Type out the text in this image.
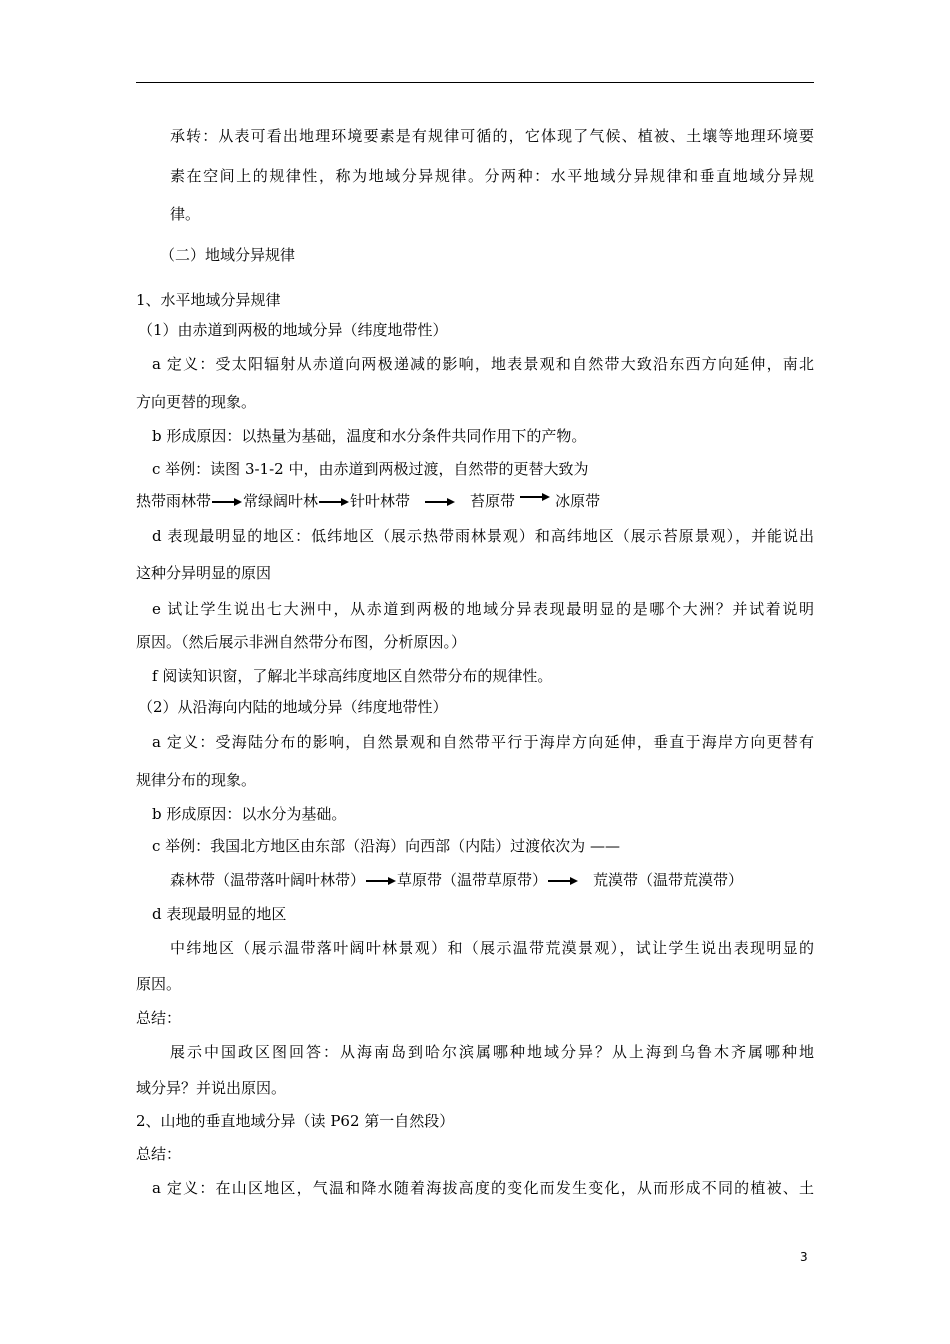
承转：从表可看出地理环境要素是有规律可循的，它体现了气候、植被、土壤等地理环境要
素在空间上的规律性，称为地域分异规律。分两种：水平地域分异规律和垂直地域分异规
律。
（二）地域分异规律
1、水平地域分异规律
（1）由赤道到两极的地域分异（纬度地带性）
a 定义：受太阳辐射从赤道向两极递减的影响，地表景观和自然带大致沿东西方向延伸，南北
方向更替的现象。
b 形成原因：以热量为基础，温度和水分条件共同作用下的产物。
c 举例：读图 3-1-2 中，由赤道到两极过渡，自然带的更替大致为
热带雨林带 常绿阔叶林 针叶林带	苔原带	冰原带
d 表现最明显的地区：低纬地区（展示热带雨林景观）和高纬地区（展示苔原景观），并能说出
这种分异明显的原因
e 试让学生说出七大洲中，从赤道到两极的地域分异表现最明显的是哪个大洲？并试着说明
原因。（然后展示非洲自然带分布图，分析原因。）
f 阅读知识窗，了解北半球高纬度地区自然带分布的规律性。
（2）从沿海向内陆的地域分异（纬度地带性）
a 定义：受海陆分布的影响，自然景观和自然带平行于海岸方向延伸，垂直于海岸方向更替有
规律分布的现象。
b 形成原因：以水分为基础。
c 举例：我国北方地区由东部（沿海）向西部（内陆）过渡依次为 ——
森林带（温带落叶阔叶林带） 草原带（温带草原带）	荒漠带（温带荒漠带）
d 表现最明显的地区
中纬地区（展示温带落叶阔叶林景观）和（展示温带荒漠景观），试让学生说出表现明显的
原因。
总结：
展示中国政区图回答：从海南岛到哈尔滨属哪种地域分异？从上海到乌鲁木齐属哪种地
域分异？并说出原因。
2、山地的垂直地域分异（读 P62 第一自然段）
总结：
a 定义：在山区地区，气温和降水随着海拔高度的变化而发生变化，从而形成不同的植被、土
3
